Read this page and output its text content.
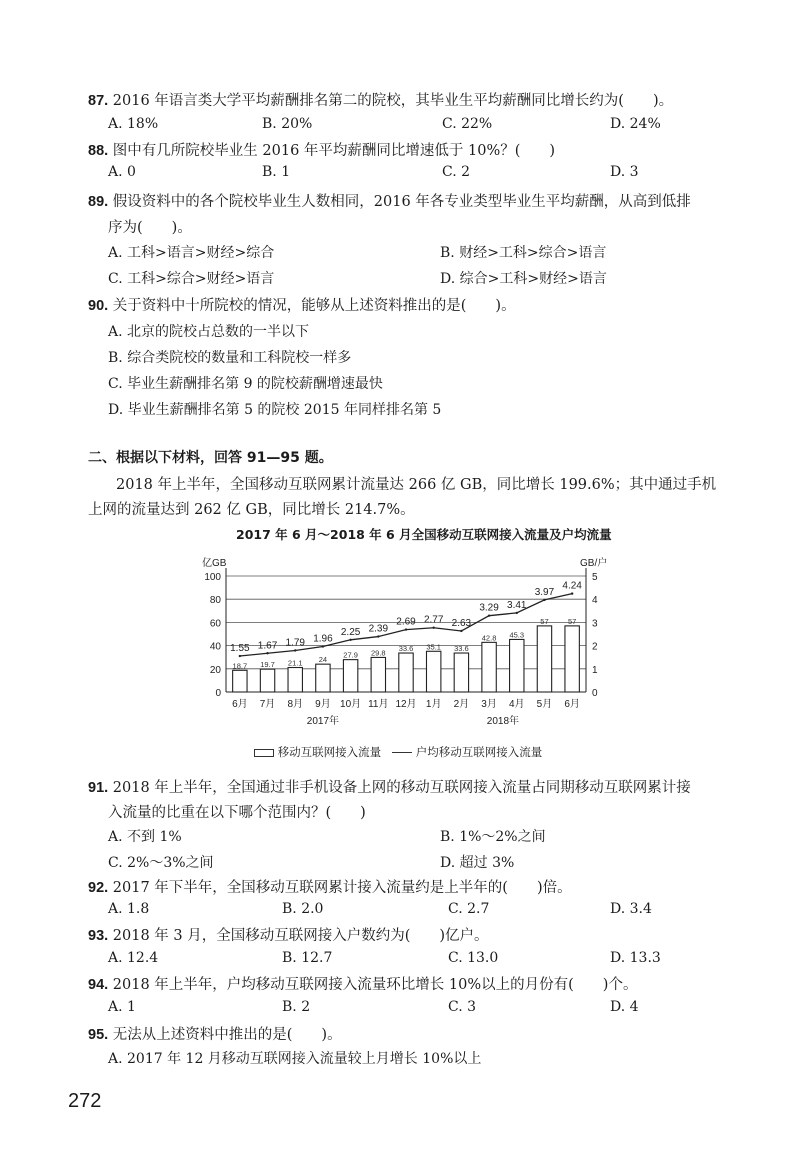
87. 2016 年语言类大学平均薪酬排名第二的院校，其毕业生平均薪酬同比增长约为(　　)。
A. 18%	B. 20%	C. 22%	D. 24%
88. 图中有几所院校毕业生 2016 年平均薪酬同比增速低于 10%？(　　)
A. 0	B. 1	C. 2	D. 3
89. 假设资料中的各个院校毕业生人数相同，2016 年各专业类型毕业生平均薪酬，从高到低排
序为(　　)。
A. 工科>语言>财经>综合	B. 财经>工科>综合>语言
C. 工科>综合>财经>语言	D. 综合>工科>财经>语言
90. 关于资料中十所院校的情况，能够从上述资料推出的是(　　)。
A. 北京的院校占总数的一半以下
B. 综合类院校的数量和工科院校一样多
C. 毕业生薪酬排名第 9 的院校薪酬增速最快
D. 毕业生薪酬排名第 5 的院校 2015 年同样排名第 5
二、根据以下材料，回答 91—95 题。
2018 年上半年，全国移动互联网累计流量达 266 亿 GB，同比增长 199.6%；其中通过手机
上网的流量达到 262 亿 GB，同比增长 214.7%。
2017 年 6 月～2018 年 6 月全国移动互联网接入流量及户均流量
0
20
40
60
80
100
0
1
2
3
4
5
亿GB	GB/户
18.7 19.7 21.1 24
27.9 29.8 33.6 35.1 33.6
42.8 45.3
57	57
1.55 1.67 1.79 1.96
2.25 2.39
2.69 2.77 2.63
3.29 3.41
3.97
4.24
6月 7月 8月 9月 10月 11月 12月 1月 2月 3月 4月 5月 6月
2017年	2018年
移动互联网接入流量	户均移动互联网接入流量
91. 2018 年上半年，全国通过非手机设备上网的移动互联网接入流量占同期移动互联网累计接
入流量的比重在以下哪个范围内？(　　)
A. 不到 1%	B. 1%～2%之间
C. 2%～3%之间	D. 超过 3%
92. 2017 年下半年，全国移动互联网累计接入流量约是上半年的(　　)倍。
A. 1.8	B. 2.0	C. 2.7	D. 3.4
93. 2018 年 3 月，全国移动互联网接入户数约为(　　)亿户。
A. 12.4	B. 12.7	C. 13.0	D. 13.3
94. 2018 年上半年，户均移动互联网接入流量环比增长 10%以上的月份有(　　)个。
A. 1	B. 2	C. 3	D. 4
95. 无法从上述资料中推出的是(　　)。
A. 2017 年 12 月移动互联网接入流量较上月增长 10%以上
272
